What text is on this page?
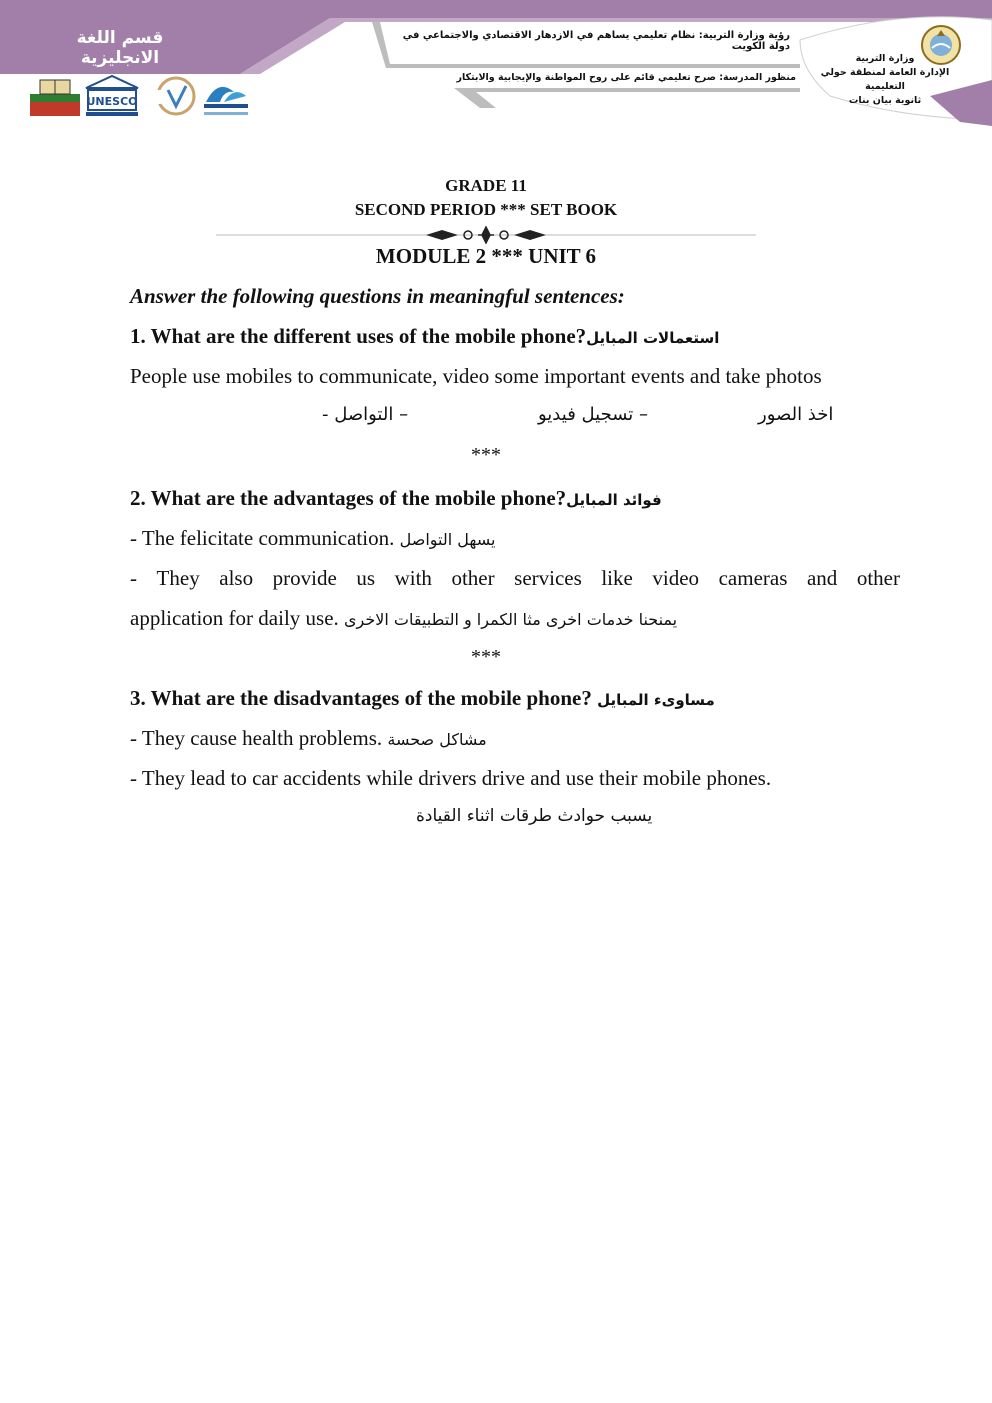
قسم اللغة الانجليزية
رؤية وزارة التربية: نظام تعليمي يساهم في الازدهار الاقتصادي والاجتماعي في دولة الكويت
منظور المدرسة: صرح تعليمي قائم على روح المواطنة والإيجابية والابتكار
وزارة التربية
الإدارة العامة لمنطقة حولي التعليمية
ثانوية بيان بنات
UNESCO
GRADE 11
SECOND PERIOD *** SET BOOK
MODULE 2 *** UNIT 6
Answer the following questions in meaningful sentences:
1. What are the different uses of the mobile phone?استعمالات المبايل
People use mobiles to communicate, video some important events and take photos
اخذ الصور
– تسجيل فيديو
– التواصل -
***
2. What are the advantages of the mobile phone?فوائد المبايل
- The felicitate communication. يسهل التواصل
- They also provide us with other services like video cameras and other
application for daily use. يمنحنا خدمات اخرى مثا الكمرا و التطبيقات الاخرى
***
3. What are the disadvantages of the mobile phone? مساوىء المبايل
- They cause health problems. مشاكل صحسة
- They lead to car accidents while drivers drive and use their mobile phones.
يسبب حوادث طرقات اثناء القيادة
